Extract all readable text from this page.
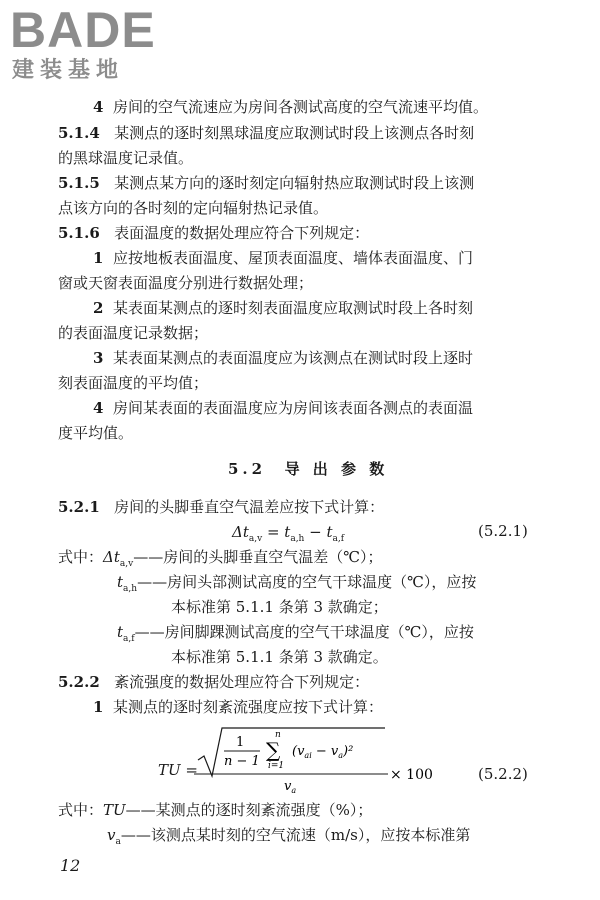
BADE
建装基地
4 房间的空气流速应为房间各测试高度的空气流速平均值。
5.1.4 某测点的逐时刻黑球温度应取测试时段上该测点各时刻
的黑球温度记录值。
5.1.5 某测点某方向的逐时刻定向辐射热应取测试时段上该测
点该方向的各时刻的定向辐射热记录值。
5.1.6 表面温度的数据处理应符合下列规定：
1 应按地板表面温度、屋顶表面温度、墙体表面温度、门
窗或天窗表面温度分别进行数据处理；
2 某表面某测点的逐时刻表面温度应取测试时段上各时刻
的表面温度记录数据；
3 某表面某测点的表面温度应为该测点在测试时段上逐时
刻表面温度的平均值；
4 房间某表面的表面温度应为房间该表面各测点的表面温
度平均值。
5.2 导 出 参 数
5.2.1 房间的头脚垂直空气温差应按下式计算：
$\Delta t_{a,v} = t_{a,h} - t_{a,f}$	(5.2.1)
式中：$\Delta t_{a,v}——$房间的头脚垂直空气温差（℃）；
$t_{a,h}——$房间头部测试高度的空气干球温度（℃），应按
本标准第 5.1.1 条第 3 款确定；
$t_{a,f}——$房间脚踝测试高度的空气干球温度（℃），应按
本标准第 5.1.1 条第 3 款确定。
5.2.2 紊流强度的数据处理应符合下列规定：
1 某测点的逐时刻紊流强度应按下式计算：
TU =
1
n − 1
n
∑
i=1
$(v_{ai} - v_a)^2$
$v_a$
× 100	(5.2.2)
式中：TU——某测点的逐时刻紊流强度（%）；
$v_a——$该测点某时刻的空气流速（m/s），应按本标准第
12
